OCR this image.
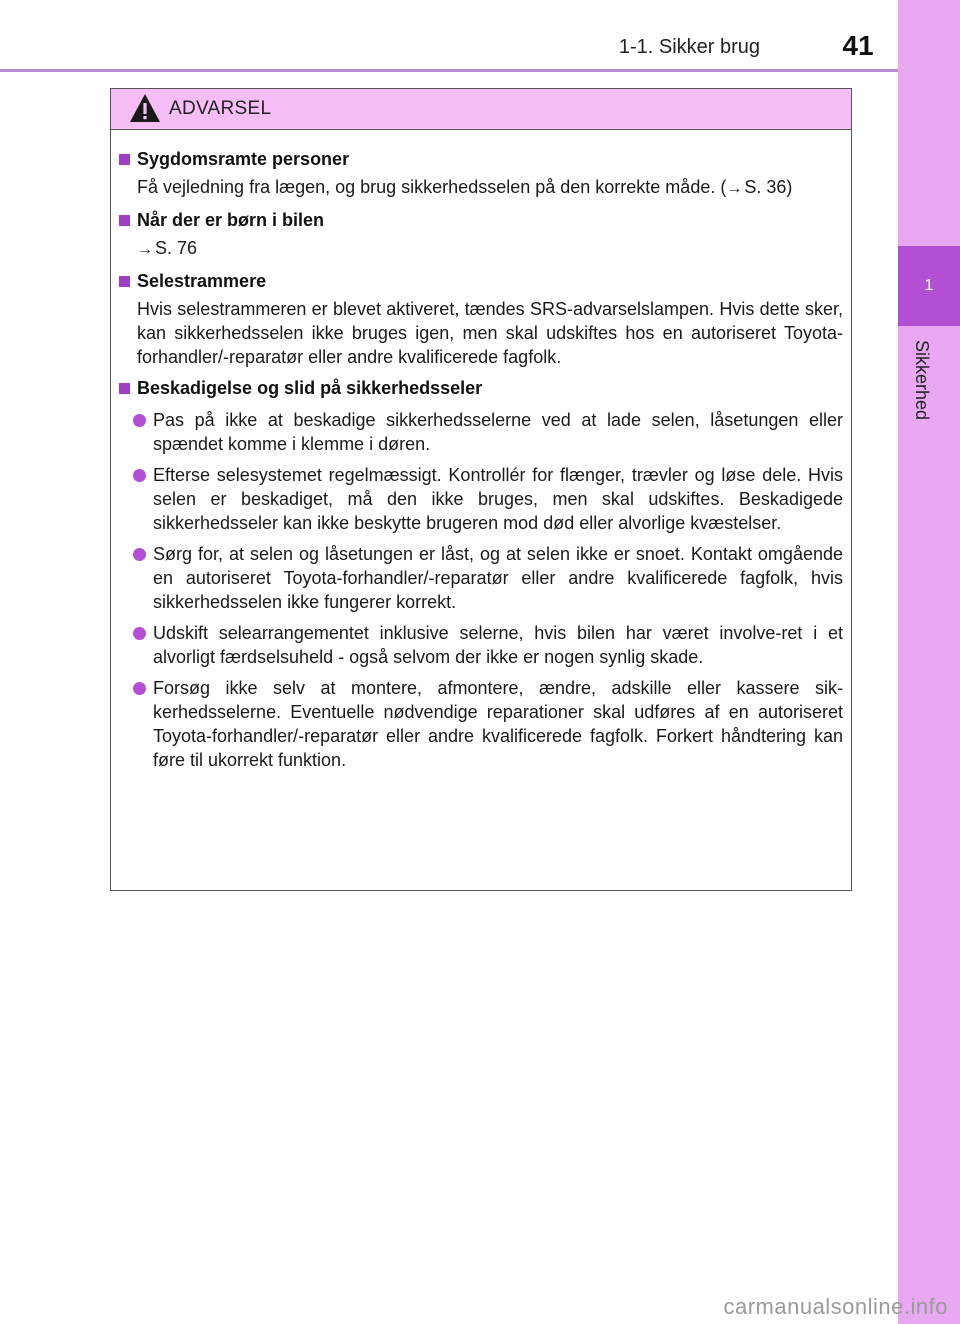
1
Sikkerhed
1-1. Sikker brug	41
ADVARSEL
Sygdomsramte personer
Få vejledning fra lægen, og brug sikkerhedsselen på den korrekte måde. (→ S. 36)
Når der er børn i bilen
→ S. 76
Selestrammere
Hvis selestrammeren er blevet aktiveret, tændes SRS-advarselslampen. Hvis dette sker, kan sikkerhedsselen ikke bruges igen, men skal udskiftes hos en autoriseret Toyota-forhandler/-reparatør eller andre kvalificerede fagfolk.
Beskadigelse og slid på sikkerhedsseler
Pas på ikke at beskadige sikkerhedsselerne ved at lade selen, låsetungen eller spændet komme i klemme i døren.
Efterse selesystemet regelmæssigt. Kontrollér for flænger, trævler og løse dele. Hvis selen er beskadiget, må den ikke bruges, men skal udskiftes. Beskadigede sikkerhedsseler kan ikke beskytte brugeren mod død eller alvorlige kvæstelser.
Sørg for, at selen og låsetungen er låst, og at selen ikke er snoet. Kontakt omgående en autoriseret Toyota-forhandler/-reparatør eller andre kvalificerede fagfolk, hvis sikkerhedsselen ikke fungerer korrekt.
Udskift selearrangementet inklusive selerne, hvis bilen har været involve-ret i et alvorligt færdselsuheld - også selvom der ikke er nogen synlig skade.
Forsøg ikke selv at montere, afmontere, ændre, adskille eller kassere sik-kerhedsselerne. Eventuelle nødvendige reparationer skal udføres af en autoriseret Toyota-forhandler/-reparatør eller andre kvalificerede fagfolk. Forkert håndtering kan føre til ukorrekt funktion.
carmanualsonline.info
